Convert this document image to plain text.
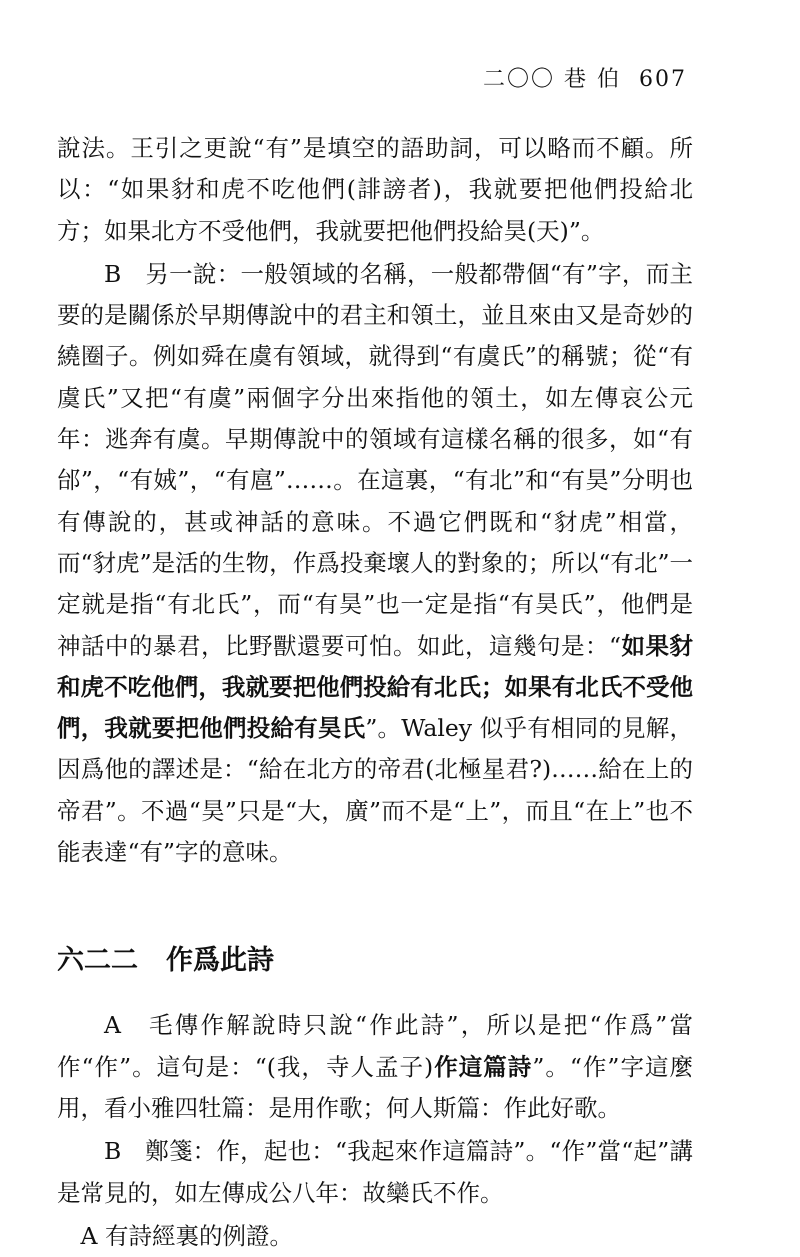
二〇〇 巷 伯 607

說法。王引之更說“有”是填空的語助詞，可以略而不顧。所以：“如果豺和虎不吃他們(誹謗者)，我就要把他們投給北方；如果北方不受他們，我就要把他們投給昊(天)”。

B　另一說：一般領域的名稱，一般都帶個“有”字，而主要的是關係於早期傳說中的君主和領土，並且來由又是奇妙的繞圈子。例如舜在虞有領域，就得到“有虞氏”的稱號；從“有虞氏”又把“有虞”兩個字分出來指他的領土，如左傳哀公元年：逃奔有虞。早期傳說中的領域有這樣名稱的很多，如“有邰”，“有娀”，“有扈”……。在這裏，“有北”和“有昊”分明也有傳說的，甚或神話的意味。不過它們既和“豺虎”相當，而“豺虎”是活的生物，作爲投棄壞人的對象的；所以“有北”一定就是指“有北氏”，而“有昊”也一定是指“有昊氏”，他們是神話中的暴君，比野獸還要可怕。如此，這幾句是：“如果豺和虎不吃他們，我就要把他們投給有北氏；如果有北氏不受他們，我就要把他們投給有昊氏”。Waley 似乎有相同的見解，因爲他的譯述是：“給在北方的帝君(北極星君?)……給在上的帝君”。不過“昊”只是“大，廣”而不是“上”，而且“在上”也不能表達“有”字的意味。

六二二 作爲此詩

A　毛傳作解說時只說“作此詩”，所以是把“作爲”當作“作”。這句是：“(我，寺人孟子)作這篇詩”。“作”字這麼用，看小雅四牡篇：是用作歌；何人斯篇：作此好歌。

B　鄭箋：作，起也：“我起來作這篇詩”。“作”當“起”講是常見的，如左傳成公八年：故欒氏不作。

A 有詩經裏的例證。
